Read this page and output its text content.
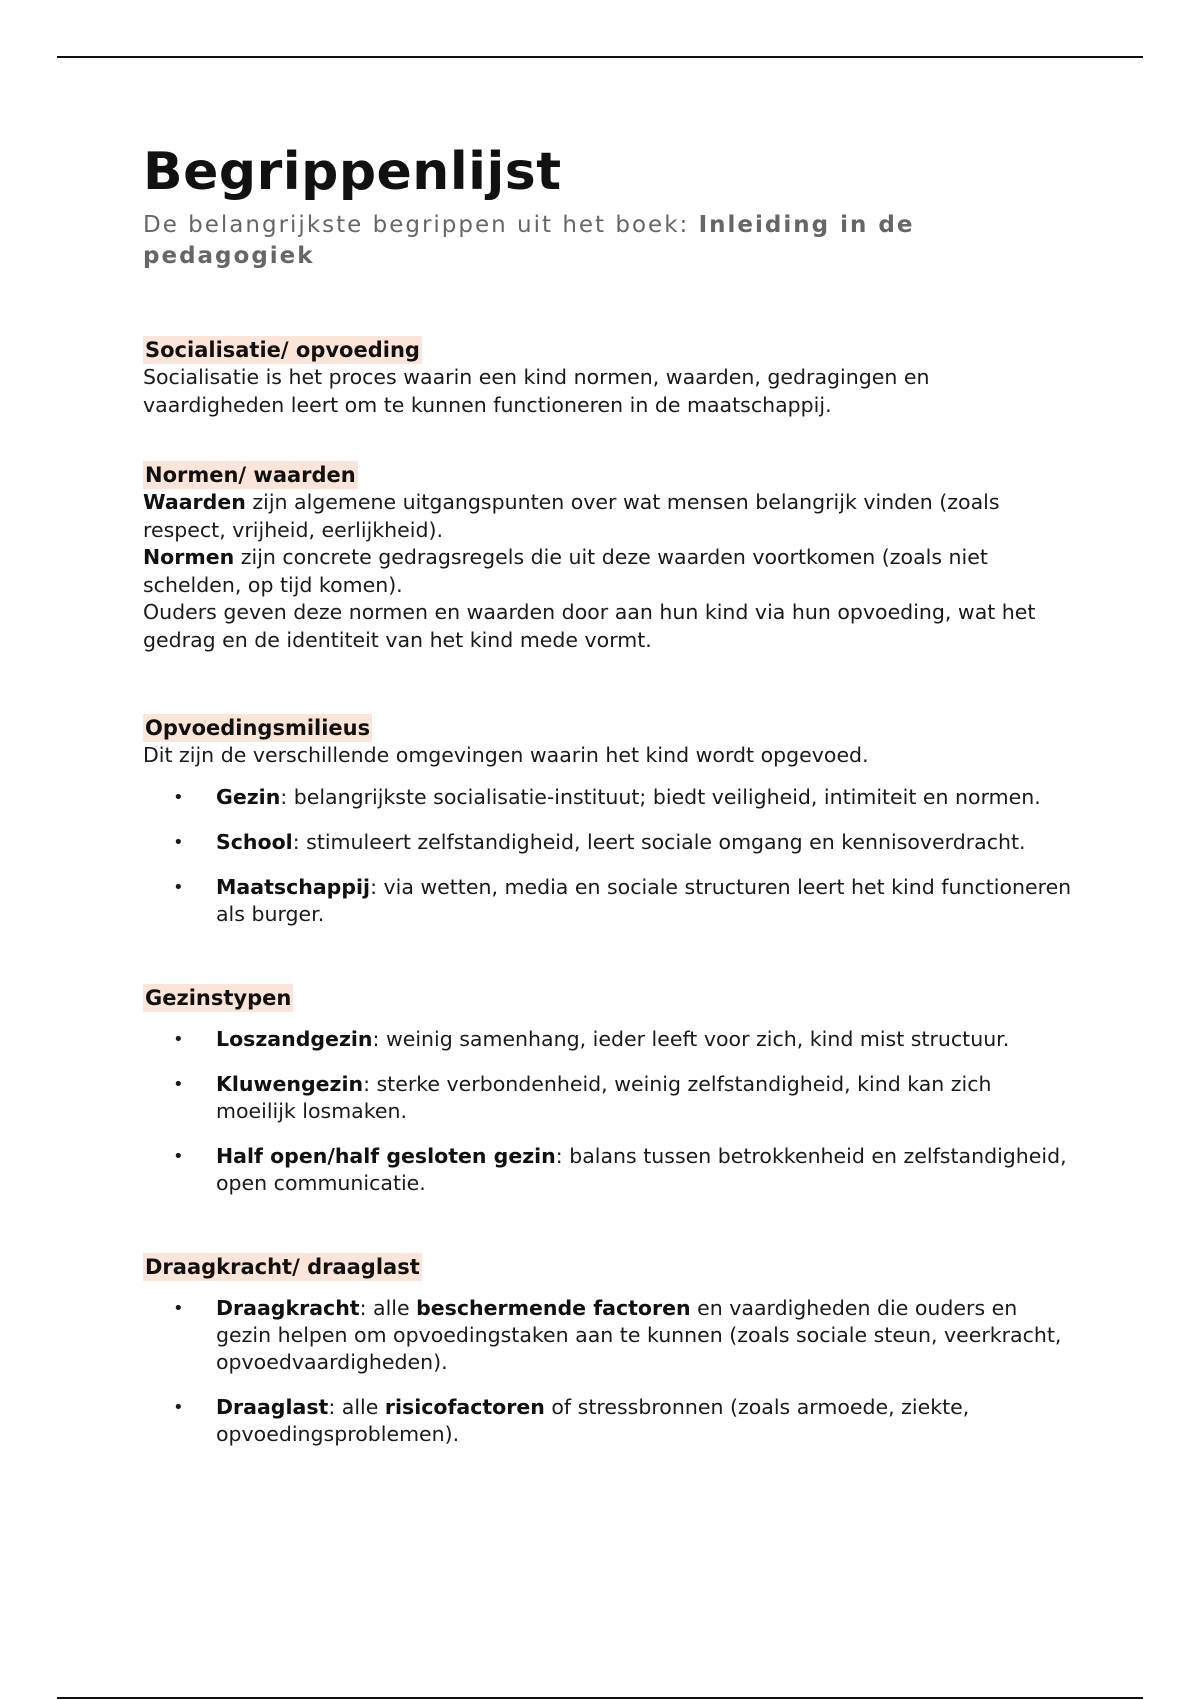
Begrippenlijst

De belangrijkste begrippen uit het boek: Inleiding in de pedagogiek

Socialisatie/ opvoeding

Socialisatie is het proces waarin een kind normen, waarden, gedragingen en vaardigheden leert om te kunnen functioneren in de maatschappij.

Normen/ waarden

Waarden zijn algemene uitgangspunten over wat mensen belangrijk vinden (zoals respect, vrijheid, eerlijkheid).

Normen zijn concrete gedragsregels die uit deze waarden voortkomen (zoals niet schelden, op tijd komen).

Ouders geven deze normen en waarden door aan hun kind via hun opvoeding, wat het gedrag en de identiteit van het kind mede vormt.

Opvoedingsmilieus

Dit zijn de verschillende omgevingen waarin het kind wordt opgevoed.

• Gezin: belangrijkste socialisatie-instituut; biedt veiligheid, intimiteit en normen.
• School: stimuleert zelfstandigheid, leert sociale omgang en kennisoverdracht.
• Maatschappij: via wetten, media en sociale structuren leert het kind functioneren als burger.
Gezinstypen
• Loszandgezin: weinig samenhang, ieder leeft voor zich, kind mist structuur.
• Kluwengezin: sterke verbondenheid, weinig zelfstandigheid, kind kan zich moeilijk losmaken.
• Half open/half gesloten gezin: balans tussen betrokkenheid en zelfstandigheid, open communicatie.
Draagkracht/ draaglast
• Draagkracht: alle beschermende factoren en vaardigheden die ouders en gezin helpen om opvoedingstaken aan te kunnen (zoals sociale steun, veerkracht, opvoedvaardigheden).
• Draaglast: alle risicofactoren of stressbronnen (zoals armoede, ziekte, opvoedingsproblemen).
